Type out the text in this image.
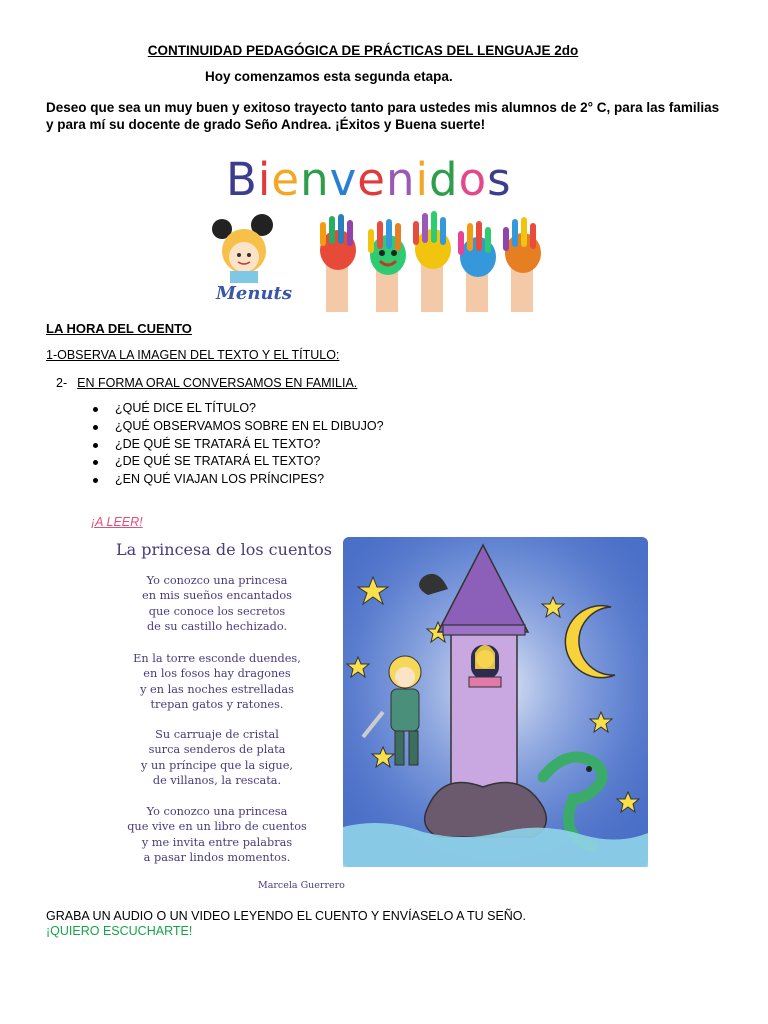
CONTINUIDAD PEDAGÓGICA DE PRÁCTICAS DEL LENGUAJE 2do
Hoy comenzamos esta segunda etapa.
Deseo que sea un muy buen y exitoso trayecto tanto para ustedes mis alumnos de 2° C, para las familias y para mí su docente de grado Seño Andrea. ¡Éxitos y Buena suerte!
Bienvenidos
Menuts
LA HORA DEL CUENTO
1-OBSERVA LA IMAGEN DEL TEXTO Y EL TÍTULO:
2- EN FORMA ORAL CONVERSAMOS EN FAMILIA.
¿QUÉ DICE EL TÍTULO?
¿QUÉ OBSERVAMOS SOBRE EN EL DIBUJO?
¿DE QUÉ SE TRATARÁ EL TEXTO?
¿DE QUÉ SE TRATARÁ EL TEXTO?
¿EN QUÉ VIAJAN LOS PRÍNCIPES?
¡A LEER!
La princesa de los cuentos
Yo conozco una princesa
en mis sueños encantados
que conoce los secretos
de su castillo hechizado.
En la torre esconde duendes,
en los fosos hay dragones
y en las noches estrelladas
trepan gatos y ratones.
Su carruaje de cristal
surca senderos de plata
y un príncipe que la sigue,
de villanos, la rescata.
Yo conozco una princesa
que vive en un libro de cuentos
y me invita entre palabras
a pasar lindos momentos.
Marcela Guerrero
GRABA UN AUDIO O UN VIDEO LEYENDO EL CUENTO Y ENVÍASELO A TU SEÑO. ¡QUIERO ESCUCHARTE!
